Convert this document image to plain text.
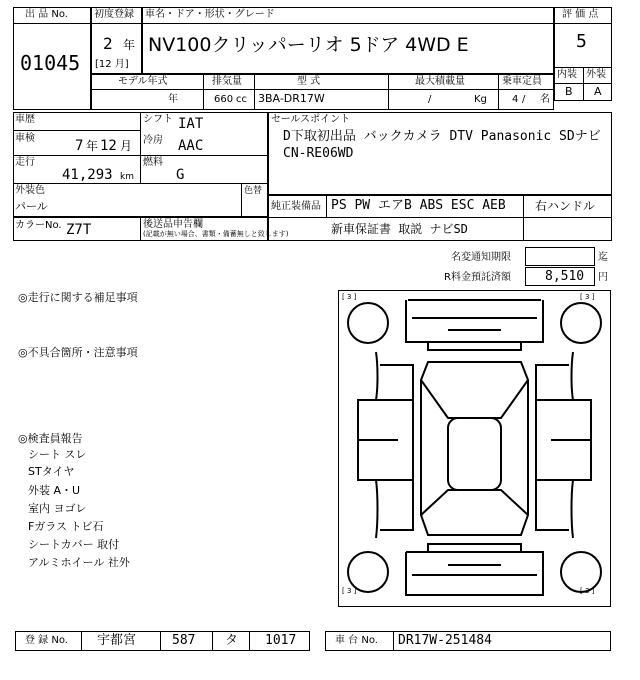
出 品 No.
01045
初度登録
2 年
[12 月]
車名・ドア・形状・グレード
NV100クリッパーリオ 5ドア 4WD E
評 価 点
5
内装 外装
B A
モデル年式
年
排気量
660 cc
型 式
3BA-DR17W
最大積載量
/	Kg
乗車定員
4 / 名
車歴
車検	7 年 12 月
走行
41,293 km
シフト IAT
冷房 AAC
燃料
G
外装色
パール
色替
カラーNo. Z7T	後送品申告欄
(記載が無い場合、書類・備蓄無しと致します)
セールスポイント
D下取初出品 バックカメラ DTV Panasonic SDナビ
CN-RE06WD
純正装備品 PS PW エアB ABS ESC AEB 右ハンドル
新車保証書 取説 ナビSD
名変通知期限	迄
R料金預託済額	8,510 円
◎走行に関する補足事項
◎不具合箇所・注意事項
◎検査員報告
シート スレ
STタイヤ
外装 A・U
室内 ヨゴレ
Fガラス トビ石
シートカバー 取付
アルミホイール 社外
[ 3 ]	[ 3 ]
[ 3 ]	[ 3 ]
登 録 No. 宇都宮	587 タ 1017	車 台 No. DR17W-251484
